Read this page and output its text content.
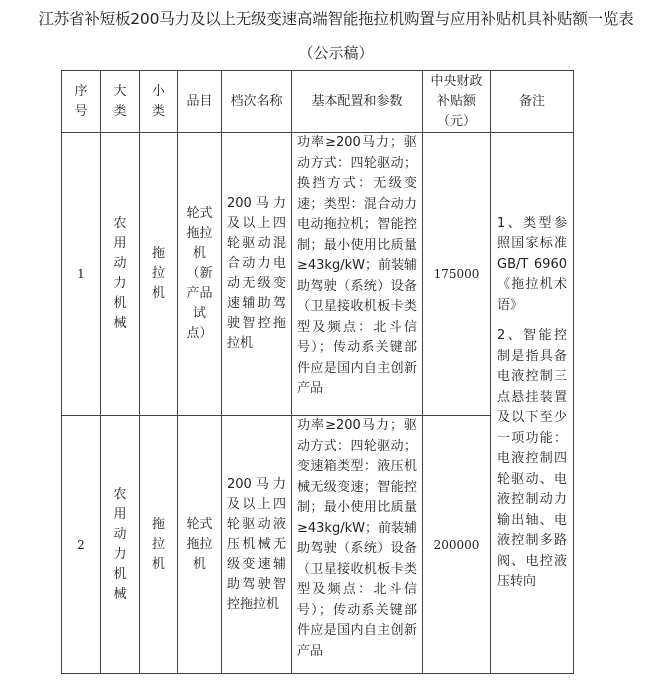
江苏省补短板200马力及以上无级变速高端智能拖拉机购置与应用补贴机具补贴额一览表
（公示稿）
序号	大类	小类	品目	档次名称	基本配置和参数	中央财政补贴额（元）	备注
1	农用动力机械	拖拉机	轮式拖拉机（新产品试点）	200马力及以上四轮驱动混合动力电动无级变速辅助驾驶智控拖拉机	功率≥200马力；驱动方式：四轮驱动；换挡方式：无级变速；类型：混合动力电动拖拉机；智能控制；最小使用比质量≥43kg/kW；前装辅助驾驶（系统）设备（卫星接收机板卡类型及频点：北斗信号）；传动系关键部件应是国内自主创新产品	175000	1、类型参照国家标准GB/T 6960《拖拉机术语》
2、智能控制是指具备电液控制三点悬挂装置及以下至少一项功能：电液控制四轮驱动、电液控制动力输出轴、电液控制多路阀、电控液压转向

2	农用动力机械	拖拉机	轮式拖拉机	200马力及以上四轮驱动液压机械无级变速辅助驾驶智控拖拉机	功率≥200马力；驱动方式：四轮驱动；变速箱类型：液压机械无级变速；智能控制；最小使用比质量≥43kg/kW；前装辅助驾驶（系统）设备（卫星接收机板卡类型及频点：北斗信号）；传动系关键部件应是国内自主创新产品	200000	
